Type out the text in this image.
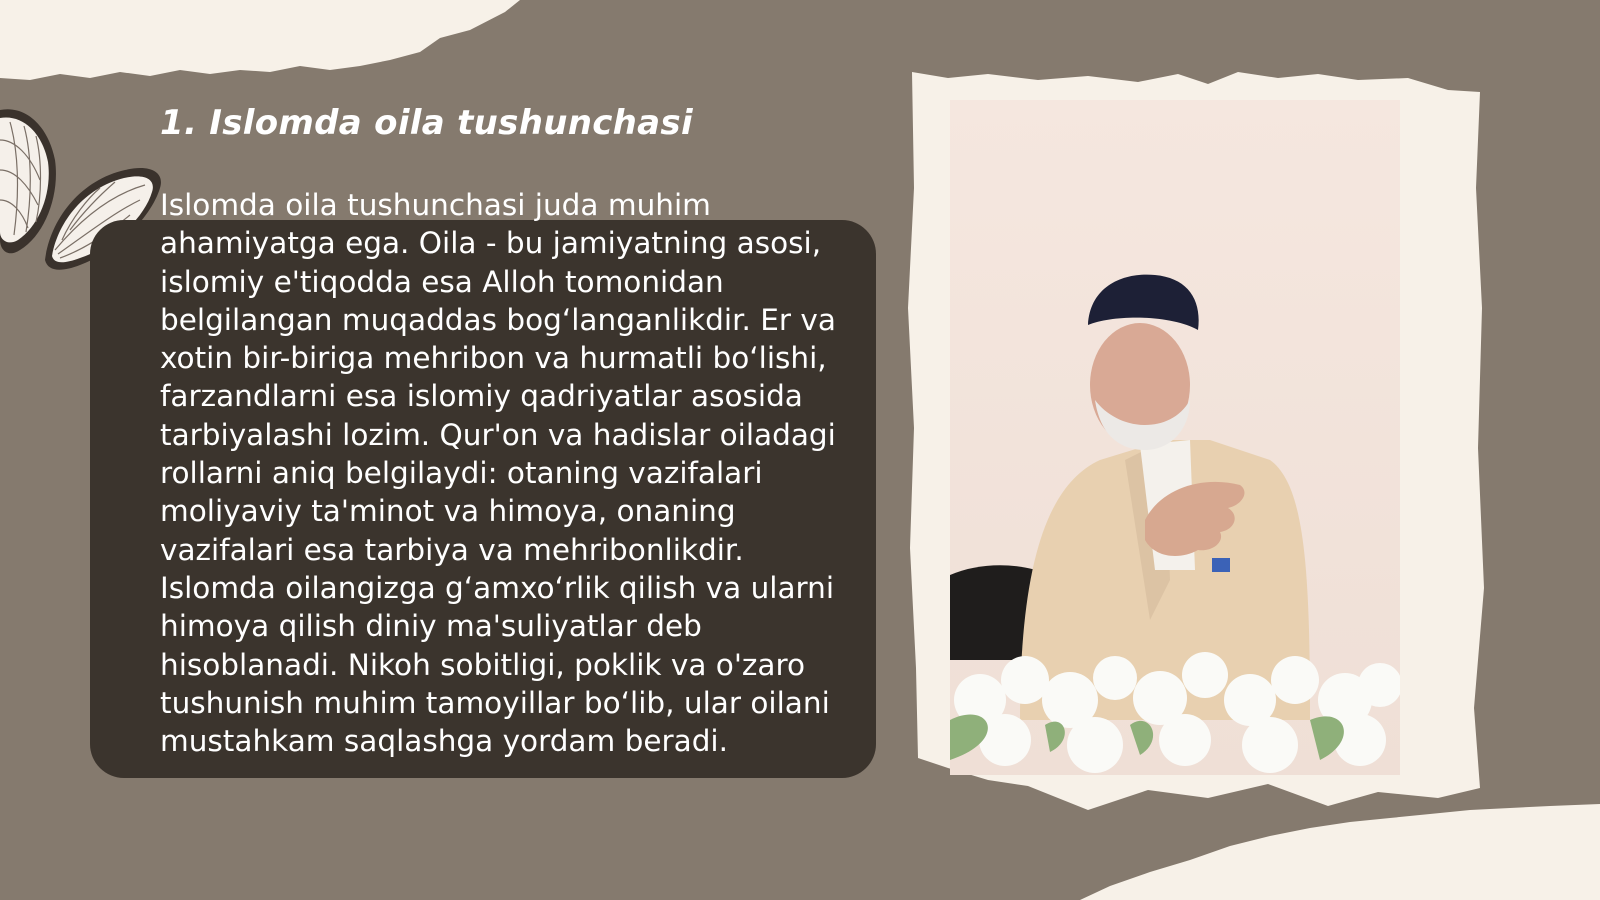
1. Islomda oila tushunchasi

Islomda oila tushunchasi juda muhim ahamiyatga ega. Oila - bu jamiyatning asosi, islomiy e'tiqodda esa Alloh tomonidan belgilangan muqaddas bog‘langanlikdir. Er va xotin bir-biriga mehribon va hurmatli bo‘lishi, farzandlarni esa islomiy qadriyatlar asosida tarbiyalashi lozim. Qur'on va hadislar oiladagi rollarni aniq belgilaydi: otaning vazifalari moliyaviy ta'minot va himoya, onaning vazifalari esa tarbiya va mehribonlikdir. Islomda oilangizga g‘amxo‘rlik qilish va ularni himoya qilish diniy ma'suliyatlar deb hisoblanadi. Nikoh sobitligi, poklik va o'zaro tushunish muhim tamoyillar bo‘lib, ular oilani mustahkam saqlashga yordam beradi.
